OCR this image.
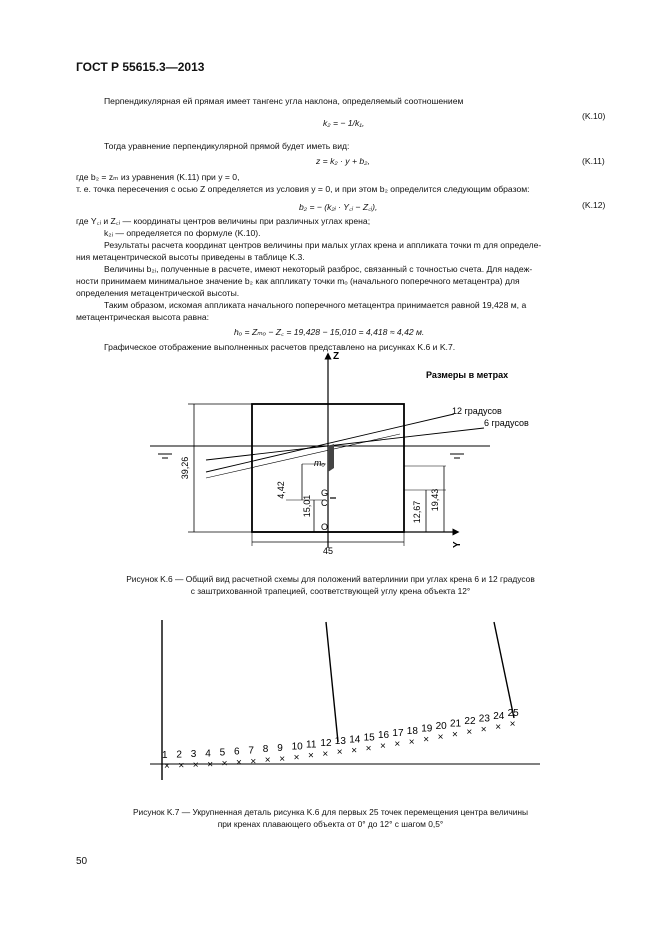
ГОСТ Р 55615.3—2013
Перпендикулярная ей прямая имеет тангенс угла наклона, определяемый соотношением
k₂ = − 1/k₁,
(K.10)
Тогда уравнение перпендикулярной прямой будет иметь вид:
z = k₂ · y + b₂,	(K.11)
где b₂ = zₘ из уравнения (K.11) при y = 0,
т. е. точка пересечения с осью Z определяется из условия y = 0, и при этом b₂ определится следующим образом:
b₂ = − (k₂ᵢ · Y꜀ᵢ − Z꜀ᵢ),	(K.12)
где Y꜀ᵢ и Z꜀ᵢ — координаты центров величины при различных углах крена;
k₂ᵢ — определяется по формуле (K.10).
Результаты расчета координат центров величины при малых углах крена и аппликата точки m для определе-
ния метацентрической высоты приведены в таблице K.3.
Величины b₂ᵢ, полученные в расчете, имеют некоторый разброс, связанный с точностью счета. Для надеж-
ности принимаем минимальное значение b₂ как аппликату точки mₒ (начального поперечного метацентра) для
определения метацентрической высоты.
Таким образом, искомая аппликата начального поперечного метацентра принимается равной 19,428 м, а
метацентрическая высота равна:
hₒ = Zₘₒ − Z꜀ = 19,428 − 15,010 = 4,418 ≈ 4,42 м.
Графическое отображение выполненных расчетов представлено на рисунках K.6 и K.7.
39,26
Z
Y
Размеры в метрах
12 градусов
6 градусов
mₒ
G
C
O
4,42
15,01	12,67
19,43
45
Рисунок K.6 — Общий вид расчетной схемы для положений ватерлинии при углах крена 6 и 12 градусов
с заштрихованной трапецией, соответствующей углу крена объекта 12°
1
×
2
×
3
×
4
×
5
×
6
×
7
×
8
×
9
×
10
×
11
×
12
×
13
×
14
×
15
×
16
×
17
×
18
×
19
×
20
×
21
×
22
×
23
×
24
×
25
×
Рисунок K.7 — Укрупненная деталь рисунка K.6 для первых 25 точек перемещения центра величины
при кренах плавающего объекта от 0° до 12° с шагом 0,5°
50
